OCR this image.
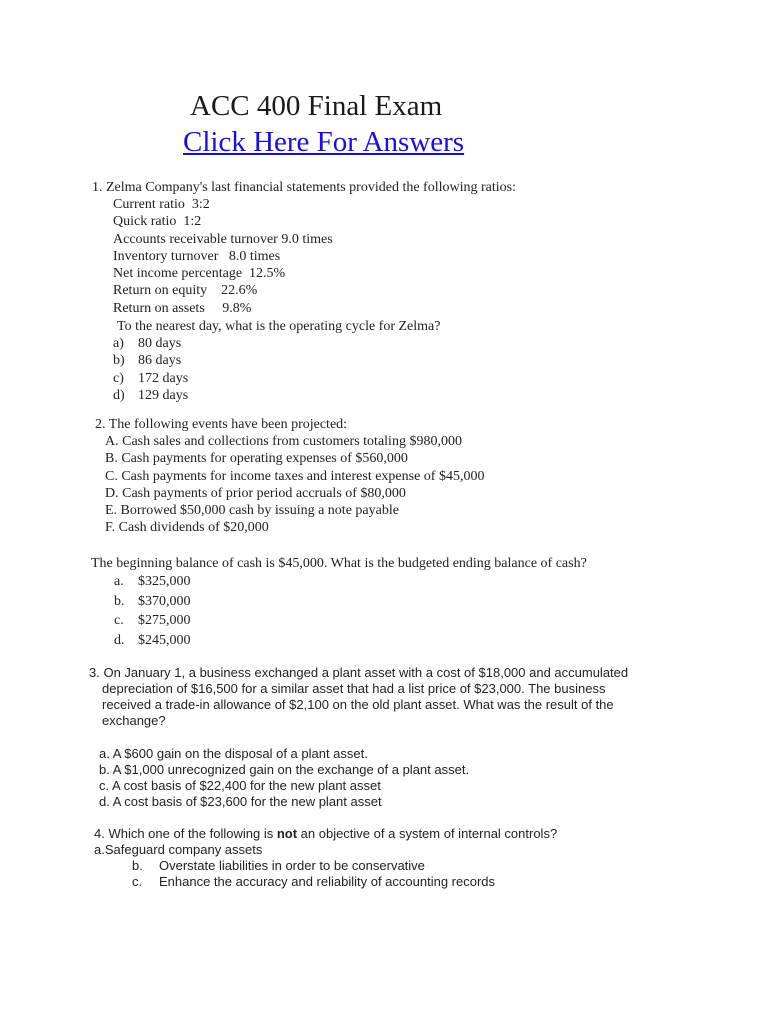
ACC 400 Final Exam
Click Here For Answers
1. Zelma Company's last financial statements provided the following ratios:
Current ratio  3:2
Quick ratio  1:2
Accounts receivable turnover 9.0 times
Inventory turnover   8.0 times
Net income percentage  12.5%
Return on equity    22.6%
Return on assets     9.8%
To the nearest day, what is the operating cycle for Zelma?
a) 80 days
b) 86 days
c) 172 days
d) 129 days
2. The following events have been projected:
A. Cash sales and collections from customers totaling $980,000
B. Cash payments for operating expenses of $560,000
C. Cash payments for income taxes and interest expense of $45,000
D. Cash payments of prior period accruals of $80,000
E. Borrowed $50,000 cash by issuing a note payable
F. Cash dividends of $20,000
The beginning balance of cash is $45,000. What is the budgeted ending balance of cash?
a. $325,000
b. $370,000
c. $275,000
d. $245,000
3. On January 1, a business exchanged a plant asset with a cost of $18,000 and accumulated
depreciation of $16,500 for a similar asset that had a list price of $23,000. The business
received a trade-in allowance of $2,100 on the old plant asset. What was the result of the
exchange?
a. A $600 gain on the disposal of a plant asset.
b. A $1,000 unrecognized gain on the exchange of a plant asset.
c. A cost basis of $22,400 for the new plant asset
d. A cost basis of $23,600 for the new plant asset
4. Which one of the following is not an objective of a system of internal controls?
a.Safeguard company assets
b. Overstate liabilities in order to be conservative
c. Enhance the accuracy and reliability of accounting records
